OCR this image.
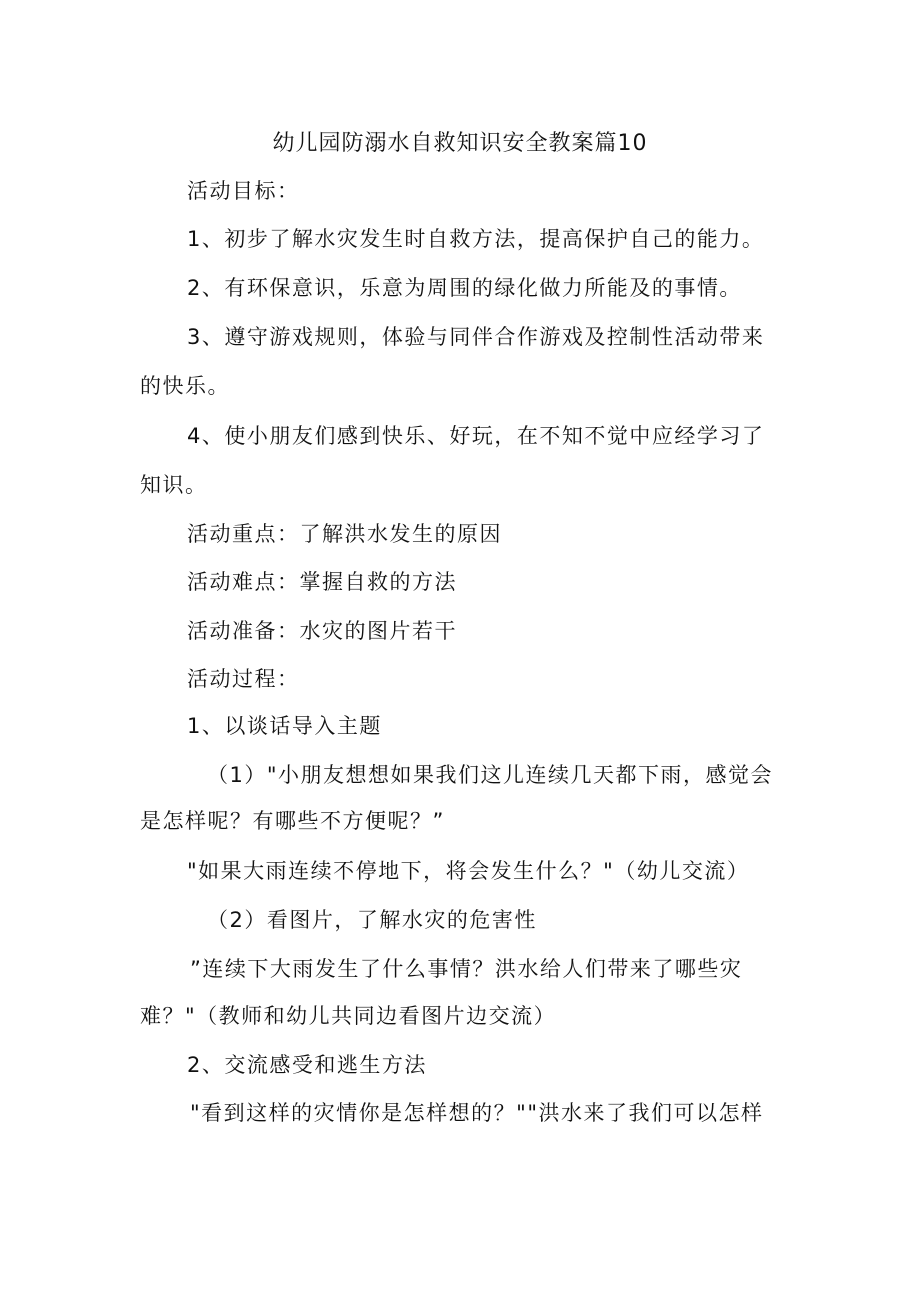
幼儿园防溺水自救知识安全教案篇10
活动目标：
1、初步了解水灾发生时自救方法，提高保护自己的能力。
2、有环保意识，乐意为周围的绿化做力所能及的事情。
3、遵守游戏规则，体验与同伴合作游戏及控制性活动带来
的快乐。
4、使小朋友们感到快乐、好玩，在不知不觉中应经学习了
知识。
活动重点：了解洪水发生的原因
活动难点：掌握自救的方法
活动准备：水灾的图片若干
活动过程：
1、以谈话导入主题
（1）"小朋友想想如果我们这儿连续几天都下雨，感觉会
是怎样呢？有哪些不方便呢？”
"如果大雨连续不停地下，将会发生什么？"（幼儿交流）
（2）看图片，了解水灾的危害性
”连续下大雨发生了什么事情？洪水给人们带来了哪些灾
难？"（教师和幼儿共同边看图片边交流）
2、交流感受和逃生方法
"看到这样的灾情你是怎样想的？""洪水来了我们可以怎样
